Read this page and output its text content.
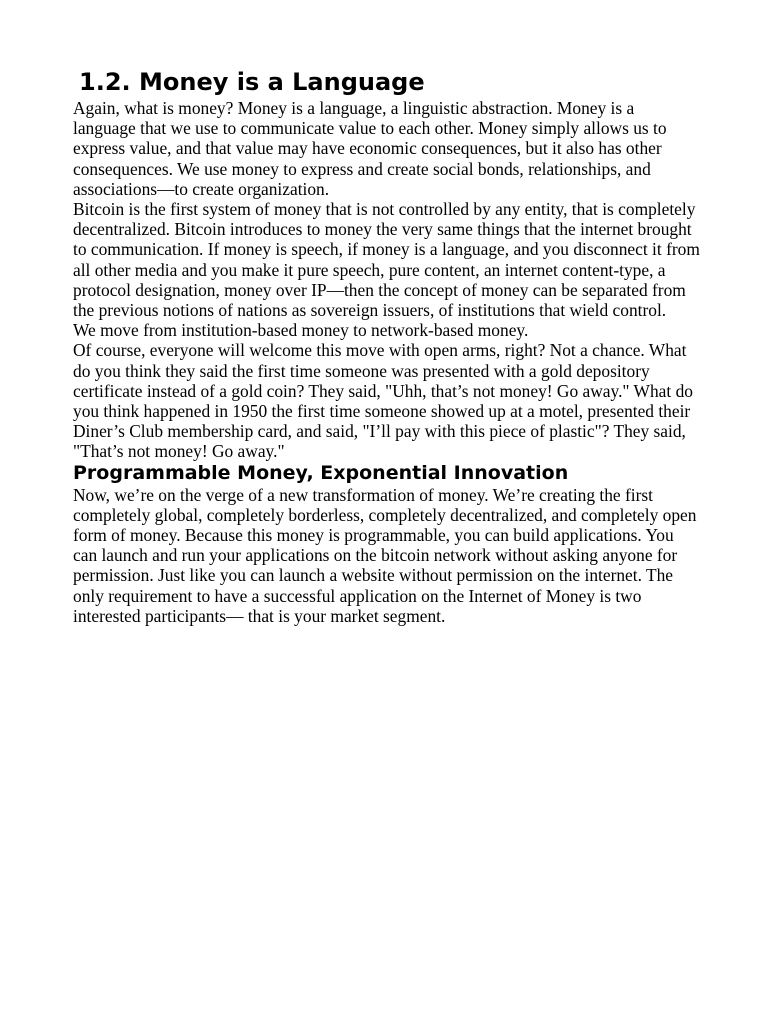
1.2. Money is a Language

Again, what is money? Money is a language, a linguistic abstraction. Money is a language that we use to communicate value to each other. Money simply allows us to express value, and that value may have economic consequences, but it also has other consequences. We use money to express and create social bonds, relationships, and associations—to create organization.

Bitcoin is the first system of money that is not controlled by any entity, that is completely decentralized. Bitcoin introduces to money the very same things that the internet brought to communication. If money is speech, if money is a language, and you disconnect it from all other media and you make it pure speech, pure content, an internet content-type, a protocol designation, money over IP—then the concept of money can be separated from the previous notions of nations as sovereign issuers, of institutions that wield control.

We move from institution-based money to network-based money.

Of course, everyone will welcome this move with open arms, right? Not a chance. What do you think they said the first time someone was presented with a gold depository certificate instead of a gold coin? They said, "Uhh, that’s not money! Go away." What do you think happened in 1950 the first time someone showed up at a motel, presented their Diner’s Club membership card, and said, "I’ll pay with this piece of plastic"? They said, "That’s not money! Go away."

Programmable Money, Exponential Innovation

Now, we’re on the verge of a new transformation of money. We’re creating the first completely global, completely borderless, completely decentralized, and completely open form of money. Because this money is programmable, you can build applications. You can launch and run your applications on the bitcoin network without asking anyone for permission. Just like you can launch a website without permission on the internet. The only requirement to have a successful application on the Internet of Money is two interested participants— that is your market segment.
